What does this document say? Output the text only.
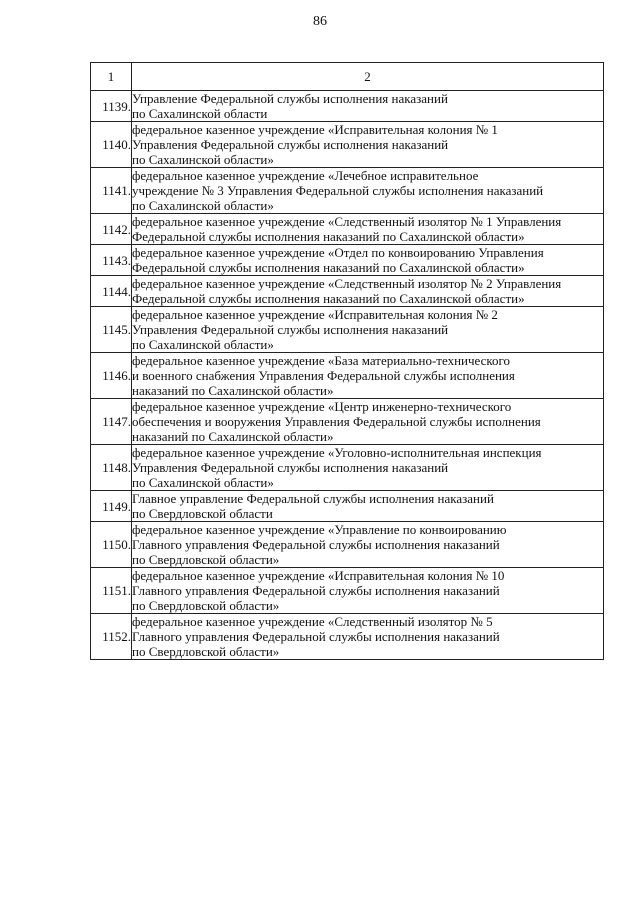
86
1	2
1139.	Управление Федеральной службы исполнения наказаний
по Сахалинской области

1140.	федеральное казенное учреждение «Исправительная колония № 1
Управления Федеральной службы исполнения наказаний
по Сахалинской области»

1141.	федеральное казенное учреждение «Лечебное исправительное
учреждение № 3 Управления Федеральной службы исполнения наказаний
по Сахалинской области»

1142.	федеральное казенное учреждение «Следственный изолятор № 1 Управления
Федеральной службы исполнения наказаний по Сахалинской области»

1143.	федеральное казенное учреждение «Отдел по конвоированию Управления
Федеральной службы исполнения наказаний по Сахалинской области»

1144.	федеральное казенное учреждение «Следственный изолятор № 2 Управления
Федеральной службы исполнения наказаний по Сахалинской области»

1145.	федеральное казенное учреждение «Исправительная колония № 2
Управления Федеральной службы исполнения наказаний
по Сахалинской области»

1146.	федеральное казенное учреждение «База материально-технического
и военного снабжения Управления Федеральной службы исполнения
наказаний по Сахалинской области»

1147.	федеральное казенное учреждение «Центр инженерно-технического
обеспечения и вооружения Управления Федеральной службы исполнения
наказаний по Сахалинской области»

1148.	федеральное казенное учреждение «Уголовно-исполнительная инспекция
Управления Федеральной службы исполнения наказаний
по Сахалинской области»

1149.	Главное управление Федеральной службы исполнения наказаний
по Свердловской области

1150.	федеральное казенное учреждение «Управление по конвоированию
Главного управления Федеральной службы исполнения наказаний
по Свердловской области»

1151.	федеральное казенное учреждение «Исправительная колония № 10
Главного управления Федеральной службы исполнения наказаний
по Свердловской области»

1152.	федеральное казенное учреждение «Следственный изолятор № 5
Главного управления Федеральной службы исполнения наказаний
по Свердловской области»
